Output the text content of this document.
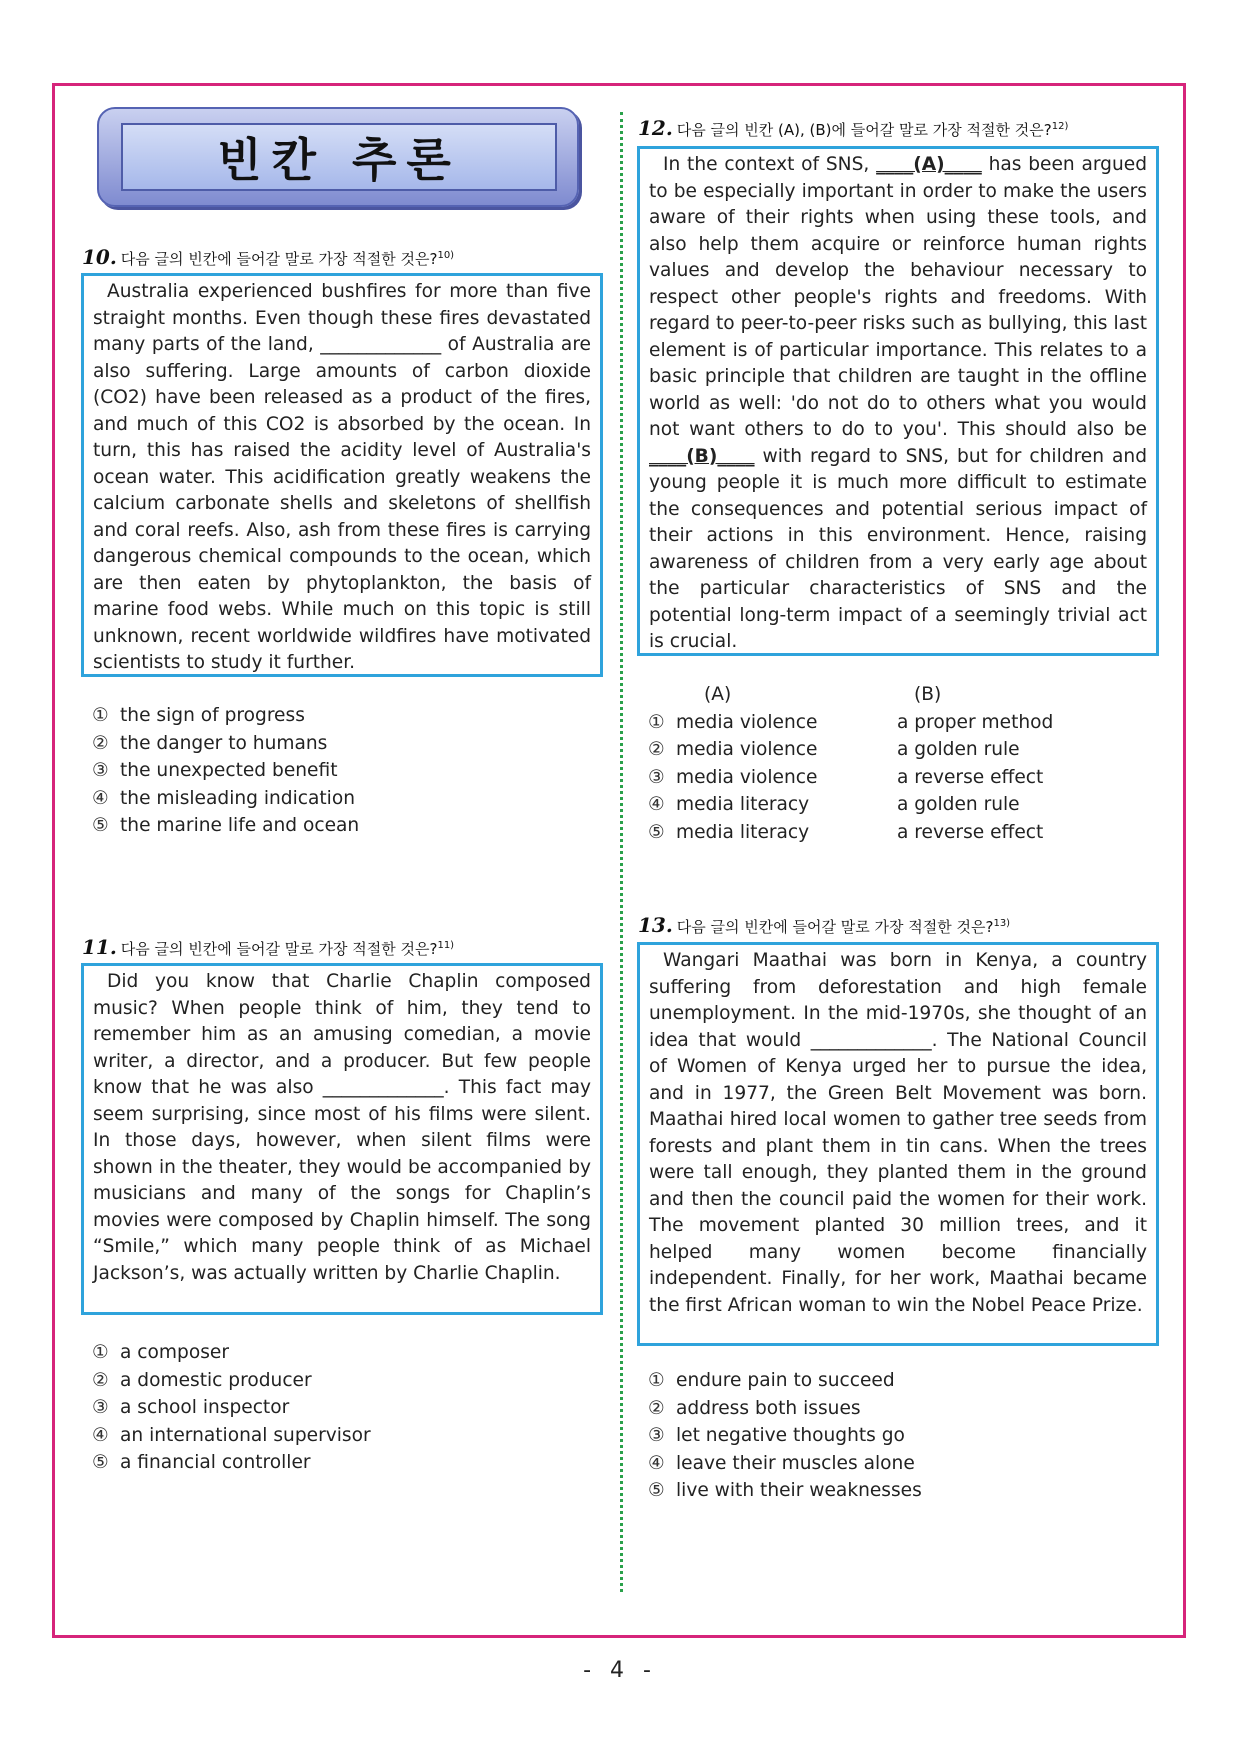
빈칸 추론
10. 다음 글의 빈칸에 들어갈 말로 가장 적절한 것은?$^{10)}$

Australia experienced bushfires for more than five straight months. Even though these fires devastated many parts of the land, _____________ of Australia are also suffering. Large amounts of carbon dioxide (CO2) have been released as a product of the fires, and much of this CO2 is absorbed by the ocean. In turn, this has raised the acidity level of Australia's ocean water. This acidification greatly weakens the calcium carbonate shells and skeletons of shellfish and coral reefs. Also, ash from these fires is carrying dangerous chemical compounds to the ocean, which are then eaten by phytoplankton, the basis of marine food webs. While much on this topic is still unknown, recent worldwide wildfires have motivated scientists to study it further.

① the sign of progress
② the danger to humans
③ the unexpected benefit
④ the misleading indication
⑤ the marine life and ocean
11. 다음 글의 빈칸에 들어갈 말로 가장 적절한 것은?$^{11)}$

Did you know that Charlie Chaplin composed music? When people think of him, they tend to remember him as an amusing comedian, a movie writer, a director, and a producer. But few people know that he was also _____________. This fact may seem surprising, since most of his films were silent. In those days, however, when silent films were shown in the theater, they would be accompanied by musicians and many of the songs for Chaplin’s movies were composed by Chaplin himself. The song “Smile,” which many people think of as Michael Jackson’s, was actually written by Charlie Chaplin.

① a composer
② a domestic producer
③ a school inspector
④ an international supervisor
⑤ a financial controller
12. 다음 글의 빈칸 (A), (B)에 들어갈 말로 가장 적절한 것은?$^{12)}$

In the context of SNS, ____(A)____ has been argued to be especially important in order to make the users aware of their rights when using these tools, and also help them acquire or reinforce human rights values and develop the behaviour necessary to respect other people's rights and freedoms. With regard to peer-to-peer risks such as bullying, this last element is of particular importance. This relates to a basic principle that children are taught in the offline world as well: 'do not do to others what you would not want others to do to you'. This should also be ____(B)____ with regard to SNS, but for children and young people it is much more difficult to estimate the consequences and potential serious impact of their actions in this environment. Hence, raising awareness of children from a very early age about the particular characteristics of SNS and the potential long-term impact of a seemingly trivial act is crucial.

(A)	(B)
① media violence	a proper method
② media violence	a golden rule
③ media violence	a reverse effect
④ media literacy	a golden rule
⑤ media literacy	a reverse effect
13. 다음 글의 빈칸에 들어갈 말로 가장 적절한 것은?$^{13)}$

Wangari Maathai was born in Kenya, a country suffering from deforestation and high female unemployment. In the mid-1970s, she thought of an idea that would _____________. The National Council of Women of Kenya urged her to pursue the idea, and in 1977, the Green Belt Movement was born. Maathai hired local women to gather tree seeds from forests and plant them in tin cans. When the trees were tall enough, they planted them in the ground and then the council paid the women for their work. The movement planted 30 million trees, and it helped many women become financially independent. Finally, for her work, Maathai became the first African woman to win the Nobel Peace Prize.

① endure pain to succeed
② address both issues
③ let negative thoughts go
④ leave their muscles alone
⑤ live with their weaknesses
- 4 -
